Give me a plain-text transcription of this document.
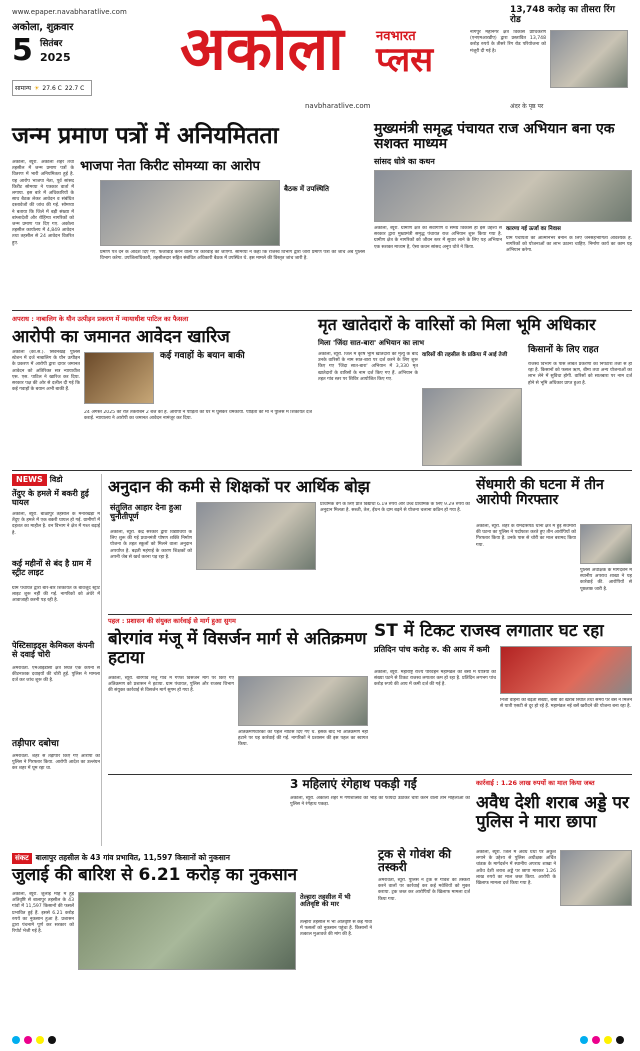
www.epaper.navabharatlive.com
अकोला, शुक्रवार
5 सितंबर
2025
सामान्य ☀ 27.6 C 22.7 C
अकोला नवभारत
प्लस
navbharatlive.com
13,748 करोड़ का तीसरा रिंग रोड
नागपुर महानगर क्षेत्र विकास प्राधिकरण (एनएमआरडीए) द्वारा प्रस्तावित 13,748 करोड़ रुपये के तीसरे रिंग रोड परियोजना को मंजूरी दी गई है।
अंदर के पृष्ठ पर
जन्म प्रमाण पत्रों में अनियमितता
भाजपा नेता किरीट सोमय्या का आरोप
अकोला, ब्यूरो. अकोला शहर तथा तहसील में जन्म प्रमाण पत्रों के वितरण में भारी अनियमितता हुई है. यह आरोप भाजपा नेता, पूर्व सांसद किरीट सोमय्या ने पत्रकार वार्ता में लगाया. इस बारे में अधिकारियों के साथ बैठक लेकर आवेदन व संबंधित दस्तावेजों की जांच की गई. सोमय्या ने बताया कि जिले में बड़ी संख्या में बांग्लादेशी और रोहिंग्या नागरिकों को जन्म प्रमाण पत्र दिए गए. अकोला तहसील कार्यालय में 4,849 आवेदन तथा तहसील से 24 आवेदन वितरित हुए.
बैठक में उपस्थिति
प्रमाण पत्र देने के आदेश दिए गए. फर्जीवाड़े करने वालों पर कार्रवाई की जाएगी. सोमय्या ने कहा कि राजस्व विभाग द्वारा जारी प्रमाण पत्रों की जांच अब पुलिस विभाग करेगा. उपजिलाधिकारी, तहसीलदार सहित संबंधित अधिकारी बैठक में उपस्थित थे. इस मामले की विस्तृत जांच जारी है.
मुख्यमंत्री समृद्ध पंचायत राज अभियान बना एक सशक्त माध्यम
सांसद धोत्रे का कथन
अकोला, ब्यूरो. ग्रामीण क्षेत्र का सर्वांगीण व समग्र विकास हो इस उद्देश्य से सरकार द्वारा मुख्यमंत्री समृद्ध पंचायत राज अभियान शुरू किया गया है. ग्रामीण क्षेत्र के नागरिकों को जीवन स्तर में सुधार लाने के लिए यह अभियान एक सशक्त माध्यम है, ऐसा कथन सांसद अनूप धोत्रे ने किया.
कारणा गई ऊर्जा का निवास
ग्राम पंचायतों को आत्मनिर्भर बनाने के लिए जनसहभागिता आवश्यक है. नागरिकों को योजनाओं का लाभ उठाना चाहिए. निर्माण कार्य का काम यह अभियान करेगा.
अपराध : नाबालिग के यौन उत्पीड़न प्रकरण में न्यायाधीश पाटिल का फैसला
आरोपी का जमानत आवेदन खारिज
अकोला (का.सं.). सिवनखेड़ पुलिस स्टेशन में दर्ज नाबालिग के यौन उत्पीड़न के प्रकरण में आरोपी द्वारा दायर जमानत आवेदन को अतिरिक्त सत्र न्यायाधीश एस. एस. पाटिल ने खारिज कर दिया. सरकार पक्ष की ओर से दलील दी गई कि कई गवाहों के बयान अभी बाकी हैं.
कई गवाहों के बयान बाकी
24 अगस्त 2025 को रात तकरीबन 2 बजे की है. आरोपी ने पीड़िता को घर में घुसकर धमकाया. पीड़िता की मां ने पुलिस में शिकायत दर्ज कराई. न्यायालय ने आरोपी का जमानत आवेदन नामंजूर कर दिया.
मृत खातेदारों के वारिसों को मिला भूमि अधिकार
मिला 'जिंदा सात-बारा' अभियान का लाभ
अकोला, ब्यूरो. जिले में कृषि भूमि खातेदारों की मृत्यु के बाद उनके वारिसों के नाम सात-बारा पर दर्ज करने के लिए शुरू किए गए 'जिंदा सात-बारा' अभियान में 3,330 मृत खातेदारों के वारिसों के नाम दर्ज किए गए हैं. अभियान के तहत गांव स्तर पर शिविर आयोजित किए गए.
वारिसों की तहसील के प्रक्रिया में आई तेजी	किसानों के लिए राहत
राजस्व विभाग के पास लंबित प्रकरणों का निपटारा तेजी से हो रहा है. किसानों को फसल ऋण, बीमा तथा अन्य योजनाओं का लाभ लेने में सुविधा होगी. वारिसों को सातबारा पर नाम दर्ज होने से भूमि अधिकार प्राप्त हुआ है.
NEWS विडो
तेंदुए के हमले में बकरी हुई घायल
अकोला, ब्यूरो. बाळापुर तहसील के मनारखेड़ा में तेंदुए के हमले में एक बकरी घायल हो गई. ग्रामीणों में दहशत का माहौल है. वन विभाग ने क्षेत्र में गश्त बढ़ाई है.
कई महीनों से बंद है ग्राम में स्ट्रीट लाइट
ग्राम पंचायत द्वारा बार-बार शिकायत के बावजूद स्ट्रीट लाइट शुरू नहीं की गई. नागरिकों को अंधेरे में आवाजाही करनी पड़ रही है.
पेस्टिसाइड्स केमिकल कंपनी से दवाई चोरी
अमरावती. एमआईडीसी क्षेत्र स्थित एक कंपनी से कीटनाशक दवाइयों की चोरी हुई. पुलिस ने मामला दर्ज कर जांच शुरू की है.
तड़ीपार दबोचा
अमरावती. शहर से तड़ीपार किए गए आरोपी को पुलिस ने गिरफ्तार किया. आरोपी आदेश का उल्लंघन कर शहर में घूम रहा था.
अनुदान की कमी से शिक्षकों पर आर्थिक बोझ
संतुलित आहार देना हुआ चुनौतीपूर्ण
अकोला, ब्यूरो. केंद्र सरकार द्वारा विद्यार्थियों के लिए शुरू की गई प्रधानमंत्री पोषण शक्ति निर्माण योजना के तहत स्कूलों को मिलने वाला अनुदान अपर्याप्त है. बढ़ती महंगाई के कारण शिक्षकों को अपनी जेब से खर्च करना पड़ रहा है.
प्राथमिक वर्ग के लिए प्रति विद्यार्थी 6.19 रुपये और उच्च प्राथमिक के लिए 9.29 रुपये का अनुदान मिलता है. सब्जी, तेल, ईंधन के दाम बढ़ने से योजना चलाना कठिन हो गया है.
सेंधमारी की घटना में तीन आरोपी गिरफ्तार
अकोला, ब्यूरो. शहर के रामदासपेठ थाना क्षेत्र में हुई सेंधमारी की घटना का पुलिस ने पर्दाफाश करते हुए तीन आरोपियों को गिरफ्तार किया है. उनके पास से चोरी का माल बरामद किया गया.
पुलिस अधीक्षक के मार्गदर्शन में स्थानीय अपराध शाखा ने यह कार्रवाई की. आरोपियों से पूछताछ जारी है.
पहल : प्रशासन की संयुक्त कार्रवाई से मार्ग हुआ सुगम
बोरगांव मंजू में विसर्जन मार्ग से अतिक्रमण हटाया
अकोला, ब्यूरो. बोरगांव मंजू गांव में गणेश विसर्जन मार्ग पर किए गए अतिक्रमण को प्रशासन ने हटाया. ग्राम पंचायत, पुलिस और राजस्व विभाग की संयुक्त कार्रवाई से विसर्जन मार्ग सुगम हो गया है.
अतिक्रमणधारकों को पहले नोटिस दिए गए थे. इसके बाद भी अतिक्रमण नहीं हटाने पर यह कार्रवाई की गई. नागरिकों ने प्रशासन की इस पहल का स्वागत किया.
ST में टिकट राजस्व लगातार घट रहा
प्रतिदिन पांच करोड़ रु. की आय में कमी
अकोला, ब्यूरो. महाराष्ट्र राज्य परिवहन महामंडल की बसों में यात्रियों की संख्या घटने से टिकट राजस्व लगातार कम हो रहा है. प्रतिदिन लगभग पांच करोड़ रुपये की आय में कमी दर्ज की गई है.
निजी वाहनों की बढ़ती संख्या, बसों की खराब स्थिति तथा समय पर बसें न मिलने से यात्री एसटी से दूर हो रहे हैं. महामंडल नई बसें खरीदने की योजना बना रहा है.
3 महिलाएं रंगेहाथ पकड़ी गईं
अकोला, ब्यूरो. अकोला शहर में गणेशोत्सव की भीड़ का फायदा उठाकर चोरी करने वाली तीन महिलाओं को पुलिस ने रंगेहाथ पकड़ा.
कार्रवाई : 1.26 लाख रुपयों का माल किया जब्त
अवैध देशी शराब अड्डे पर पुलिस ने मारा छापा
अकोला, ब्यूरो. जिले में अवैध धंधों पर अंकुश लगाने के उद्देश्य से पुलिस अधीक्षक अर्चित चांडक के मार्गदर्शन में स्थानीय अपराध शाखा ने अवैध देशी शराब अड्डे पर छापा मारकर 1.26 लाख रुपये का माल जब्त किया. आरोपी के खिलाफ मामला दर्ज किया गया है.
संकट बालापुर तहसील के 43 गांव प्रभावित, 11,597 किसानों को नुकसान
जुलाई की बारिश से 6.21 करोड़ का नुकसान
अकोला, ब्यूरो. जुलाई माह में हुई अतिवृष्टि से बालापुर तहसील के 43 गांवों में 11,597 किसानों की फसलें प्रभावित हुई हैं. इससे 6.21 करोड़ रुपये का नुकसान हुआ है. प्रशासन द्वारा पंचनामे पूर्ण कर सरकार को रिपोर्ट भेजी गई है.
तेल्हारा तहसील में भी अतिवृष्टि की मार
तेल्हारा तहसील में भी अतिवृष्टि से कई गांवों में फसलों को नुकसान पहुंचा है. किसानों ने तत्काल मुआवजे की मांग की है.
ट्रक से गोवंश की तस्करी
अमरावती, ब्यूरो. पुलिस ने ट्रक से गोवंश की तस्करी करने वालों पर कार्रवाई कर कई मवेशियों को मुक्त कराया. ट्रक जब्त कर आरोपियों के खिलाफ मामला दर्ज किया गया.
